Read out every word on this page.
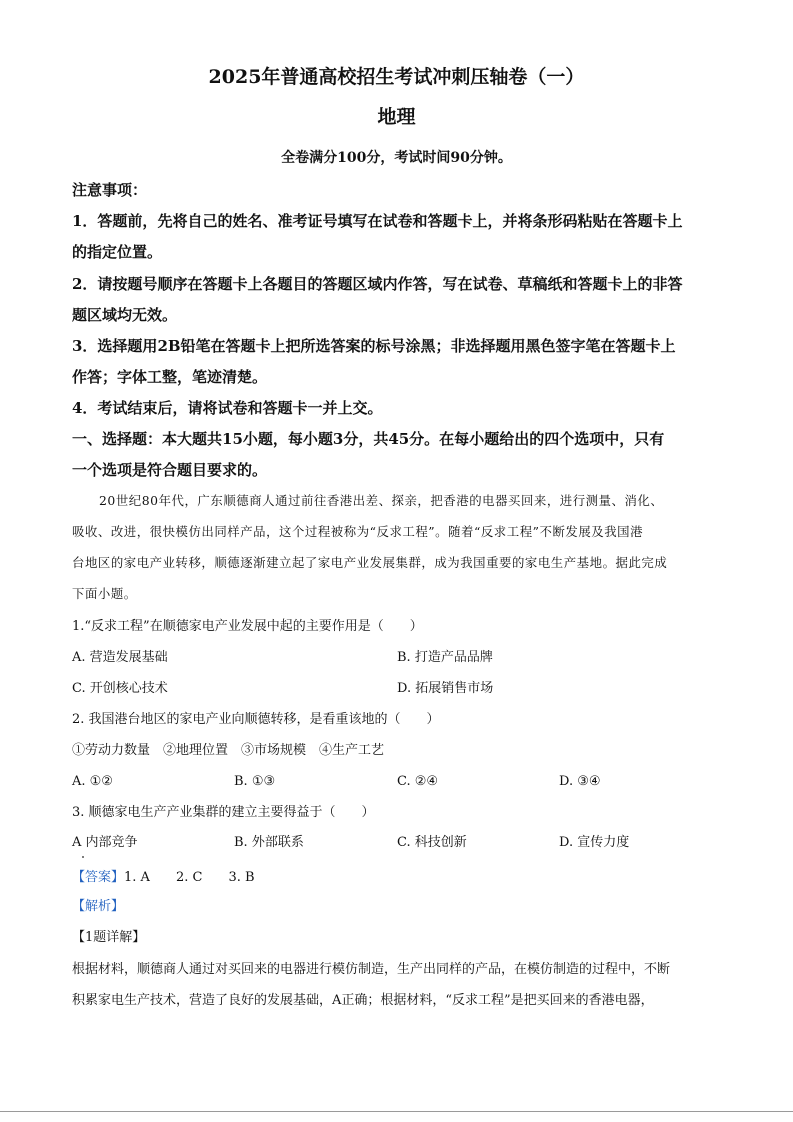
2025年普通高校招生考试冲刺压轴卷（一）
地理
全卷满分100分，考试时间90分钟。
注意事项：
1．答题前，先将自己的姓名、准考证号填写在试卷和答题卡上，并将条形码粘贴在答题卡上
的指定位置。
2．请按题号顺序在答题卡上各题目的答题区域内作答，写在试卷、草稿纸和答题卡上的非答
题区域均无效。
3．选择题用2B铅笔在答题卡上把所选答案的标号涂黑；非选择题用黑色签字笔在答题卡上
作答；字体工整，笔迹清楚。
4．考试结束后，请将试卷和答题卡一并上交。
一、选择题：本大题共15小题，每小题3分，共45分。在每小题给出的四个选项中，只有
一个选项是符合题目要求的。
20世纪80年代，广东顺德商人通过前往香港出差、探亲，把香港的电器买回来，进行测量、消化、
吸收、改进，很快模仿出同样产品，这个过程被称为“反求工程”。随着“反求工程”不断发展及我国港
台地区的家电产业转移，顺德逐渐建立起了家电产业发展集群，成为我国重要的家电生产基地。据此完成
下面小题。
1.“反求工程”在顺德家电产业发展中起的主要作用是（　　）
A. 营造发展基础	B. 打造产品品牌
C. 开创核心技术	D. 拓展销售市场
2. 我国港台地区的家电产业向顺德转移，是看重该地的（　　）
①劳动力数量　②地理位置　③市场规模　④生产工艺
A. ①②	B. ①③	C. ②④	D. ③④
3. 顺德家电生产产业集群的建立主要得益于（　　）
A 内部竞争	B. 外部联系	C. 科技创新	D. 宣传力度
【答案】1. A 2. C 3. B
【解析】
【1题详解】
根据材料，顺德商人通过对买回来的电器进行模仿制造，生产出同样的产品，在模仿制造的过程中，不断
积累家电生产技术，营造了良好的发展基础，A正确；根据材料，“反求工程”是把买回来的香港电器，
